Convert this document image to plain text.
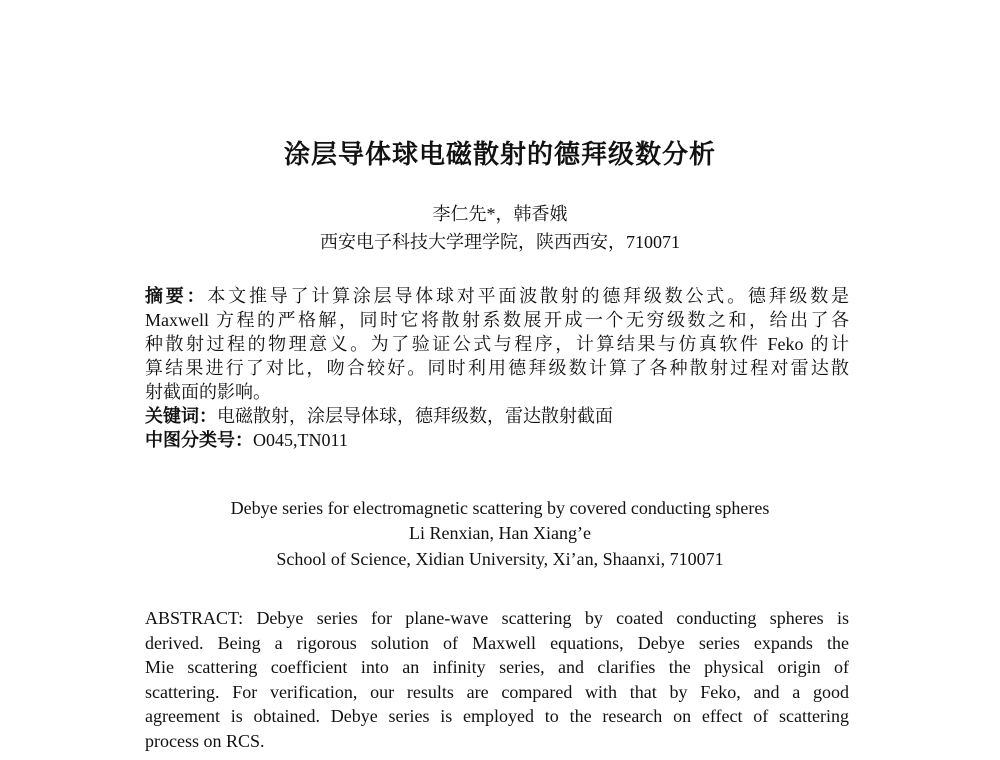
涂层导体球电磁散射的德拜级数分析
李仁先*，韩香娥
西安电子科技大学理学院，陕西西安，710071
摘要：本文推导了计算涂层导体球对平面波散射的德拜级数公式。德拜级数是
Maxwell 方程的严格解，同时它将散射系数展开成一个无穷级数之和，给出了各
种散射过程的物理意义。为了验证公式与程序，计算结果与仿真软件 Feko 的计
算结果进行了对比，吻合较好。同时利用德拜级数计算了各种散射过程对雷达散
射截面的影响。
关键词：电磁散射，涂层导体球，德拜级数，雷达散射截面
中图分类号：O045,TN011
Debye series for electromagnetic scattering by covered conducting spheres
Li Renxian, Han Xiang’e
School of Science, Xidian University, Xi’an, Shaanxi, 710071
ABSTRACT: Debye series for plane-wave scattering by coated conducting spheres is
derived. Being a rigorous solution of Maxwell equations, Debye series expands the
Mie scattering coefficient into an infinity series, and clarifies the physical origin of
scattering. For verification, our results are compared with that by Feko, and a good
agreement is obtained. Debye series is employed to the research on effect of scattering
process on RCS.
